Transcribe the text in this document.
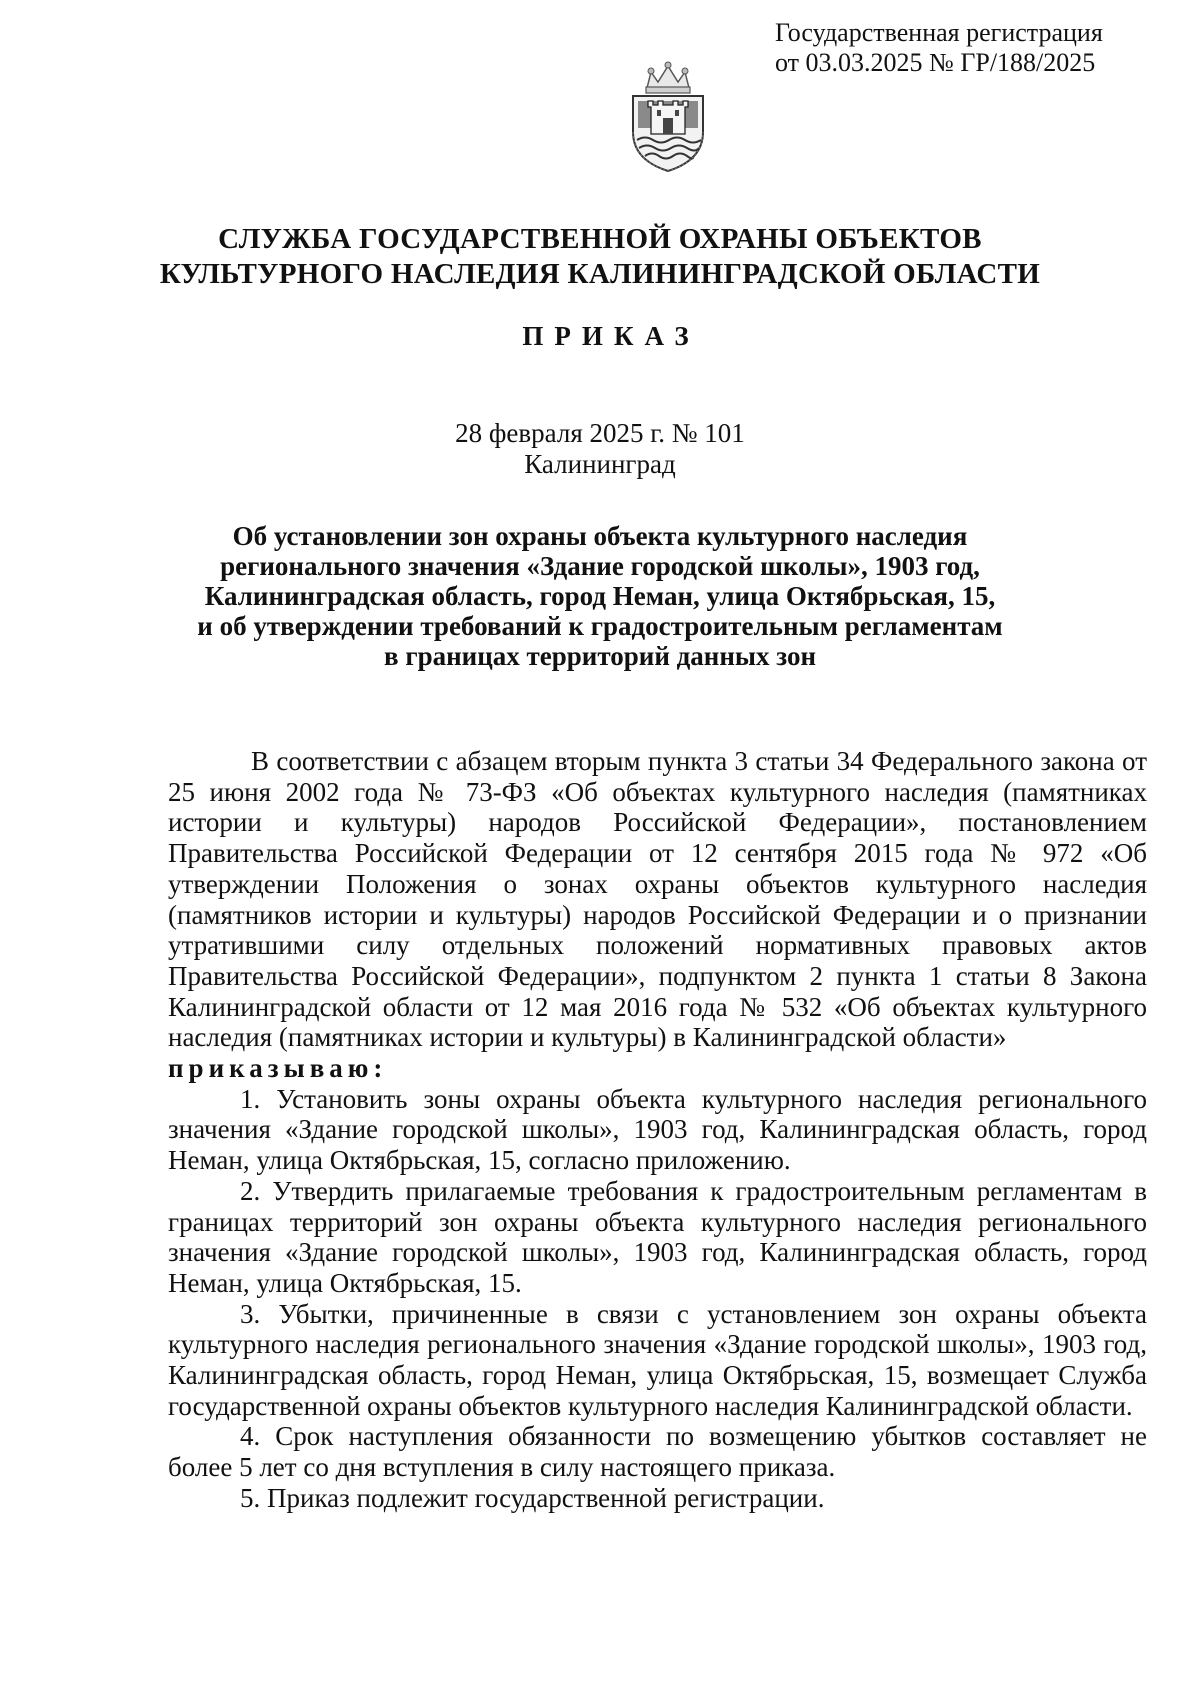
Государственная регистрация
от 03.03.2025 № ГР/188/2025
СЛУЖБА ГОСУДАРСТВЕННОЙ ОХРАНЫ ОБЪЕКТОВ
КУЛЬТУРНОГО НАСЛЕДИЯ КАЛИНИНГРАДСКОЙ ОБЛАСТИ
ПРИКАЗ
28 февраля 2025 г. № 101
Калининград
Об установлении зон охраны объекта культурного наследия
регионального значения «Здание городской школы», 1903 год,
Калининградская область, город Неман, улица Октябрьская, 15,
и об утверждении требований к градостроительным регламентам
в границах территорий данных зон

В соответствии с абзацем вторым пункта 3 статьи 34 Федерального закона от 25 июня 2002 года № 73-ФЗ «Об объектах культурного наследия (памятниках истории и культуры) народов Российской Федерации», постановлением Правительства Российской Федерации от 12 сентября 2015 года № 972 «Об утверждении Положения о зонах охраны объектов культурного наследия (памятников истории и культуры) народов Российской Федерации и о признании утратившими силу отдельных положений нормативных правовых актов Правительства Российской Федерации», подпунктом 2 пункта 1 статьи 8 Закона Калининградской области от 12 мая 2016 года № 532 «Об объектах культурного наследия (памятниках истории и культуры) в Калининградской области»

приказываю:

1. Установить зоны охраны объекта культурного наследия регионального значения «Здание городской школы», 1903 год, Калининградская область, город Неман, улица Октябрьская, 15, согласно приложению.

2. Утвердить прилагаемые требования к градостроительным регламентам в границах территорий зон охраны объекта культурного наследия регионального значения «Здание городской школы», 1903 год, Калининградская область, город Неман, улица Октябрьская, 15.

3. Убытки, причиненные в связи с установлением зон охраны объекта культурного наследия регионального значения «Здание городской школы», 1903 год, Калининградская область, город Неман, улица Октябрьская, 15, возмещает Служба государственной охраны объектов культурного наследия Калининградской области.

4. Срок наступления обязанности по возмещению убытков составляет не более 5 лет со дня вступления в силу настоящего приказа.

5. Приказ подлежит государственной регистрации.
